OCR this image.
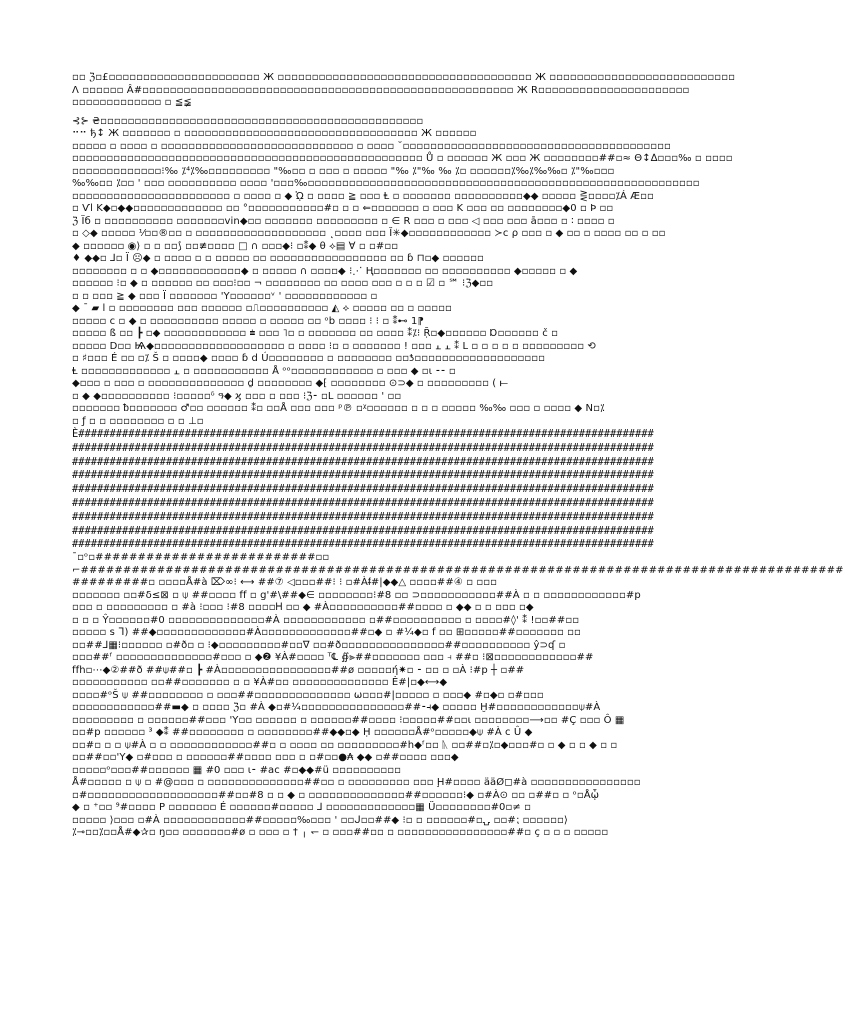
▫▫ ℨ▫£▫▫▫▫▫▫▫▫▫▫▫▫▫▫▫▫▫▫▫▫▫▫ Ж ▫▫▫▫▫▫▫▫▫▫▫▫▫▫▫▫▫▫▫▫▫▫▫▫▫▫▫▫▫▫▫▫▫▫▫▫▫ Ж ▫▫▫▫▫▫▫▫▫▫▫▫▫▫▫▫▫▫▫▫▫▫▫▫▫▫▫
Λ ▫▫▫▫▫▫ Â#▫▫▫▫▫▫▫▫▫▫▫▫▫▫▫▫▫▫▫▫▫▫▫▫▫▫▫▫▫▫▫▫▫▫▫▫▫▫▫▫▫▫▫▫▫▫▫▫▫▫▫▫▫▫ Ж R▫▫▫▫▫▫▫▫▫▫▫▫▫▫▫▫▫▫▫▫▫▫
▫▫▫▫▫▫▫▫▫▫▫▫▫ ▫ ≦≨
⊰⊱ ₴▫▫▫▫▫▫▫▫▫▫▫▫▫▫▫▫▫▫▫▫▫▫▫▫▫▫▫▫▫▫▫▫▫▫▫▫▫▫▫▫▫▫▫▫▫▫▫
⠒⠒ ђ↕ Ж ▫▫▫▫▫▫▫ ▫ ▫▫▫▫▫▫▫▫▫▫▫▫▫▫▫▫▫▫▫▫▫▫▫▫▫▫▫▫▫▫▫▫▫▫ Ж ▫▫▫▫▫▫
▫▫▫▫▫ ▫ ▫▫▫▫ ▫ ▫▫▫▫▫▫▫▫▫▫▫▫▫▫▫▫▫▫▫▫▫▫▫▫▫▫▫▫ ▫ ▫▫▫▫ ˘▫▫▫▫▫▫▫▫▫▫▫▫▫▫▫▫▫▫▫▫▫▫▫▫▫▫▫▫▫▫▫▫▫▫▫▫▫▫▫
▫▫▫▫▫▫▫▫▫▫▫▫▫▫▫▫▫▫▫▫▫▫▫▫▫▫▫▫▫▫▫▫▫▫▫▫▫▫▫▫▫▫▫▫▫▫▫▫▫▫▫ Ů ▫ ▫▫▫▫▫▫ Ж ▫▫▫ Ж ▫▫▫▫▫▫▫▫##▫≈ Θ↕∆▫▫▫‰ ▫ ▫▫▫▫
▫▫▫▫▫▫▫▫▫▫▫▫▫⁝‰ ⁒⁴⁒‰▫▫▫▫▫▫▫▫▫ "‰▫▫ ▫ ▫▫▫ ▫ ▫▫▫▫▫ "‰ ⁒"‰ ‰ ⁒▫ ▫▫▫▫▫▫⁒‰⁒‰‰▫ ⁒"‰▫▫▫
‰‰▫▫ ⁒▫▫ ' ▫▫▫ ▫▫▫▫▫▫▫▫▫▫ ▫▫▫▫ '▫▫▫‰▫▫▫▫▫▫▫▫▫▫▫▫▫▫▫▫▫▫▫▫▫▫▫▫▫▫▫▫▫▫▫▫▫▫▫▫▫▫▫▫▫▫▫▫▫▫▫▫▫▫▫▫▫▫▫▫▫
▫▫▫▫▫▫▫▫▫▫▫▫▫▫▫▫▫▫▫▫▫▫▫ ▫ ▫▫▫▫ ▫ ◆ ᾨ ▫ ▫▫▫▫ ≧ ▫▫▫ Ⱡ ▫ ▫▫▫▫▫▫▫ ▫▫▫▫▫▫▫▫▫▫◆◆ ▫▫▫▫▫ ⋛▫▫▫▫⁒Á Æ▫▫
▫ Ѵl K◆▫◆◆▫▫▫▫▫▫▫▫▫▫▫▫▫ ▫▫ °▫▫▫▫▫▫▫▫▫▫▫#▫ ▫ ▫ ⇐▫▫▫▫▫▫▫ ▫ ▫▫▫ K ▫▫▫ ▫▫ ▫▫▫▫▫▫▫▫◆0 ▫ Þ ▫▫
ℨ Ïб ▫ ▫▫▫▫▫▫▫▫▫▫ ▫▫▫▫▫▫▫vin◆▫▫ ▫▫▫▫▫▫▫ ▫▫▫▫▫▫▫▫▫ ▫ ∈ R ▫▫▫ ▫ ▫▫▫ ◁ ▫▫▫ ▫▫▫ ā▫▫▫ ▫ ∶ ▫▫▫▫ ▫
▫ ◇◆ ▫▫▫▫▫ ⅟▫▫®▫▫ ▫ ▫▫▫▫▫▫▫▫▫▫▫▫▫▫▫▫▫▫▫ ˛▫▫▫▫ ▫▫▫ Ĭ✳◆▫▫▫▫▫▫▫▫▫▫▫▫ ≻ϲ ρ ▫▫▫ ▫ ◆ ▫▫ ▫ ▫▫▫▫ ▫▫ ▫ ▫▫
◆ ▫▫▫▫▫▫ ◉⟩ ▫ ▫ ▫▫⟆ ▫▫≢▫▫▫▫ □ ∩ ▫▫▫◆⁝ ▫⁑◆ θ ⟡▤ ∀ ▫ ▫#▫▫
♦ ◆◆▫ ⅃▫ Ï ☹◆ ▫ ▫▫▫▫ ▫ ▫ ▫▫▫▫▫ ▫▫ ▫▫▫▫▫▫▫▫▫▫▫▫▫▫▫▫▫ ▫▫ ɓ ⊓▫◆ ▫▫▫▫▫▫
▫▫▫▫▫▫▫▫ ▫ ▫ ◆▫▫▫▫▫▫▫▫▫▫▫▫◆ ▫ ▫▫▫▫▫ ∩ ▫▫▫▫◆ ⁝⋰ Ⱨ▫▫▫▫▫▫▫ ▫▫ ▫▫▫▫▫▫▫▫▫▫ ◆▫▫▫▫▫ ▫ ◆
▫▫▫▫▫▫ ⁝▫ ◆ ▫ ▫▫▫▫▫▫ ▫▫ ▫▫▫⁝▫▫ ¬ ▫▫▫▫▫▫▫▫ ▫▫ ▫▫▫▫ ▫▫▫ ▫ ▫ ▫ ☑ ▫ ℠ ⁝ℨ◆▫▫
▫ ▫ ▫▫▫ ≧ ◆ ▫▫▫ Ï ▫▫▫▫▫▫▫ 'Y▫▫▫▫▫▫ᵛ ' ▫▫▫▫▫▫▫▫▫▫▫▫ ▫
◆ ˉ ▰ l ▫ ▫▫▫▫▫▫▫▫ ▫▫▫ ▫▫▫▫▫▫ ▫⎍▫▫▫▫▫▫▫▫▫▫ ◭ ⟡ ▫▫▫▫▫ ▫▫ ▫ ▫▫▫▫▫
▫▫▫▫▫ ⅽ ▫ ◆ ▫ ▫▫▫▫▫▫▫▫▫▫ ▫▫▫▫▫ ▫ ▫▫▫▫▫ ▫▫ ᵒb ▫▫▫▫ ⁝ ⁝ ▫ ⁑⊷ 1⁋
▫▫▫▫▫ ß ▫▫ ┣ ▫◆ ▫▫▫▫▫▫▫▫▫▫▫▫ ⩧ ▫▫▫ ˥▫ ▫ ▫▫▫▫▫▫▫ ▫▫ ▫▫▫▫ ⁑⁒⁝ Ṝ▫◆▫▫▫▫▫▫ Ɒ▫▫▫▫▫▫ č ▫
▫▫▫▫▫ D▫▫ Ѩ◆▫▫▫▫▫▫▫▫▫▫▫▫▫▫▫▫▫▫▫ ▫ ▫▫▫▫ ⁝▫ ▫ ▫▫▫▫▫▫▫ ! ▫▫▫ ⫠ ⫠ ⁑ L ▫ ▫ ▫ ▫ ▫ ▫▫▫▫▫▫▫▫▫ ⟲
▫ ♯▫▫▫ É ▫▫ ▫⁒ Š ▫ ▫▫▫▫◆ ▫▫▫▫ ɓ d Ú▫▫▫▫▫▫▫▫ ▫ ▫▫▫▫▫▫▫▫ ▫▫ƾ▫▫▫▫▫▫▫▫▫▫▫▫▫▫▫▫▫▫▫
Ⱡ ▫▫▫▫▫▫▫▫▫▫▫▫▫ ⫠ ▫ ▫▫▫▫▫▫▫▫▫▫▫ Å ᵒᵒ▫▫▫▫▫▫▫▫▫▫▫▫ ▫ ▫▫▫ ◆ ▫ι ⁃⁃ ▫
◆▫▫▫ ▫ ▫▫▫ ▫ ▫▫▫▫▫▫▫▫▫▫▫▫▫▫ ḏ ▫▫▫▫▫▫▫▫ ◆⁅ ▫▫▫▫▫▫▫▫ ⊙⊃◆ ▫ ▫▫▫▫▫▫▫▫▫ ( ⟝
▫ ◆ ◆▫▫▫▫▫▫▫▫▫▫ ⁝▫▫▫▫▫ᵟ ዓ◆ ϗ ▫▫▫ ▫ ▫▫▫ ⁝ℨ⁃ ▫Ⅼ ▫▫▫▫▫▫ ' ▫▫
▫▫▫▫▫▫▫ ᵬ▫▫▫▫▫▫▫ ♂▫▫ ▫▫▫▫▫▫ ⁑▫ ▫▫Å ▫▫▫ ▫▫▫ ᵖ℗ ▫ᵡ▫▫▫▫▫▫ ▫ ▫ ▫ ▫▫▫▫▫ ‰‰ ▫▫▫ ▫ ▫▫▫▫ ◆ N▫⁒
▫ ƒ ▫ ▫ ▫▫▫▫▫▫▫▫ ▫ ▫ ⊥▫
È############################################################################################
#############################################################################################
#############################################################################################
#############################################################################################
#############################################################################################
#############################################################################################
#############################################################################################
#############################################################################################
#############################################################################################
ˉ▫ᵒ▫##########################▫▫
⌐##########################################################################################
#########▫ ▫▫▫▫Å#à ⌦∞⁝ ⟷ ##⑦ ◁▫▫▫##⁝ ⁝ ▫#Àᵮ#|◆◆△ ▫▫▫▫##④ ▫ ▫▫▫
▫▫▫▫▫▫▫ ▫▫#δ≤⊠ ▫ ⍦ ##▫▫▫▫ ff ▫ g'#\##◆∈ ▫▫▫▫▫▫▫▫⁝#8 ▫▫ ⊃▫▫▫▫▫▫▫▫▫▫▫##À ▫ ▫ ▫▫▫▫▫▫▫▫▫▫▫▫#p
▫▫▫ ▫ ▫▫▫▫▫▫▫▫▫ ▫ #à ⁝▫▫▫ ⁝#8 ▫▫▫▫Ꮋ ▫▫ ◆ #À▫▫▫▫▫▫▫▫▫▫##▫▫▫▫ ▫ ◆◆ ▫ ▫ ▫▫▫ ▫◆
▫ ▫ ▫ Ŷ▫▫▫▫▫▫#0 ▫▫▫▫▫▫▫▫▫▫▫▫▫▫#À ▫▫▫▫▫▫▫▫▫▫▫▫ ▫##▫▫▫▫▫▫▫▫▫▫ ▫ ▫▫▫▫#◊' ⁑ !▫▫##▫▫
▫▫▫▫▫ s ᒣ) ##◆▫▫▫▫▫▫▫▫▫▫▫▫▫#À▫▫▫▫▫▫▫▫▫▫▫▫▫##▫◆ ▫ #¼◆▫ f ▫▫ ⊞▫▫▫▫▫##▫▫▫▫▫▫▫ ▫▫
▫▫##⅃▦⁝▫▫▫▫▫▫ ▫#ð▫ ▫ ⁝◆▫▫▫▫▫▫▫▫▫#▫▫∇ ▫▫#ð▫▫▫▫▫▫▫▫▫▫▫▫▫▫▫##▫▫▫▫▫▫▫▫▫▫ ŷ⊃ʠ ▫
▫▫▫##ᶠ ▫▫▫▫▫▫▫▫▫▫▫▫▫▫#▫▫▫ ▫ ◆❷ ¥À#▫▫▫▫ ᵀ℄ ∯⫸##▫▫▫▫▫▫▫ ▫▫▫ ⫞ ##▫ ⁝⊠▫▫▫▫▫▫▫▫▫▫▫▫##
ffh▫⋯◆②##ð ##⍦##▫ ┣ #À▫▫▫▫▫▫▫▫▫▫▫▫▫▫▫▫##ø ▫▫▫▫▫ή✷▫ ⁃ ▫▫ ▫ ▫À ⁝#p ┼ ▫##
▫▫▫▫▫▫▫▫▫▫▫ ▫▫##▫▫▫▫▫▫▫ ▫ ▫ ¥À#▫▫ ▫▫▫▫▫▫▫▫▫▫▫▫▫▫ Ė#|▫◆⟷◆
▫▫▫▫#ᵒŠ ⍦ ##▫▫▫▫▫▫▫▫ ▫ ▫▫▫##▫▫▫▫▫▫▫▫▫▫▫▫▫▫ ω▫▫▫#|▫▫▫▫▫ ▫ ▫▫▫◆ #▫◆▫ ▫#▫▫▫
▫▫▫▫▫▫▫▫▫▫▫▫##▬◆ ▫ ▫▫▫▫ ℨ▫ #À ◆▫#¼▫▫▫▫▫▫▫▫▫▫▫▫▫▫▫##⁃⫞◆ ▫▫▫▫▫ Ḫ#▫▫▫▫▫▫▫▫▫▫▫▫⍦#À
▫▫▫▫▫▫▫▫▫ ▫ ▫▫▫▫▫▫##▫▫▫ 'Y▫▫ ▫▫▫▫▫▫ ▫ ▫▫▫▫▫▫##▫▫▫▫ ⁝▫▫▫▫▫##▫▫ι ▫▫▫▫▫▫▫▫⟶▫▫ #Ç ▫▫▫ Ô ▦
▫▫#p ▫▫▫▫▫▫ ³ ◆⁑ ##▫▫▫▫▫▫▫▫ ▫ ▫▫▫▫▫▫▫▫##◆◆▫◆ Ḥ ▫▫▫▫▫▫Å#ᵒ▫▫▫▫▫◆⍦ #À ϲ Û ◆
▫▫#▫ ▫ ▫ ⍦#À ▫ ▫ ▫▫▫▫▫▫▫▫▫▫▫▫##▫ ▫ ▫▫▫▫ ▫▫ ▫▫▫▫▫▫▫▫▫#h◆ᶠ▫▫ ᚣ ▫▫##▫⁒▫◆▫▫▫#▫ ▫ ◆ ▫ ▫ ◆ ▫ ▫
▫▫##▫▫'Y◆ ▫#▫▫▫ ▫ ▫▫▫▫▫▫##▫▫▫▫ ▫▫▫ ▫ ▫#▫▫●₳ ◆◆ ▫##▫▫▫▫ ▫▫▫◆
▫▫▫▫▫ᵒ▫▫▫##▫▫▫▫▫▫ ▦ #0 ▫▫▫ ι⁃ #ac #▫◆◆#ü ▫▫▫▫▫▫▫▫▫▫
Å#▫▫▫▫▫ ▫ ⍦ ▫ #@▫▫▫ ▫ ▫▫▫▫▫▫▫▫▫▫▫▫▫▫##▫▫ ▫ ▫▫▫▫▫▫▫▫▫ ▫▫▫ Ḩ#▫▫▫▫ ääØ◻#à ▫▫▫▫▫▫▫▫▫▫▫▫▫▫▫▫
▫#▫▫▫▫▫▫▫▫▫▫▫▫▫▫▫▫▫▫▫##▫▫#8 ▫ ▫ ◆ ▫ ▫▫▫▫▫▫▫▫▫▫▫▫▫▫##▫▫▫▫▫▫⁝◆ ▫#À⊙ ▫▫ ▫##▫ ▫ ᵒ▫Åᾦ
◆ ▫ ⁺▫▫ ⁹#▫▫▫▫ P ▫▫▫▫▫▫▫ É ▫▫▫▫▫▫#▫▫▫▫▫ ⅃ ▫▫▫▫▫▫▫▫▫▫▫▫▫▦ Ü▫▫▫▫▫▫▫▫#0▫≠ ▫
▫▫▫▫▫ ⟩▫▫▫ ▫#À ▫▫▫▫▫▫▫▫▫▫▫▫##▫▫▫▫▫‰▫▫▫ ' ▫▫ᒍ▫▫##◆ ⁝▫ ▫ ▫▫▫▫▫▫#▫⍽ ▫▫#⁏ ▫▫▫▫▫▫⟩
⁒⊸▫▫⁒▫▫Å#◆✰▫ ŋ▫▫ ▫▫▫▫▫▫▫#ø ▫ ▫▫▫ ▫ † ╷ ↽ ▫ ▫▫▫##▫▫ ▫ ▫▫▫▫▫▫▫▫▫▫▫▫▫▫▫▫##▫ ç ▫ ▫ ▫ ▫▫▫▫▫
